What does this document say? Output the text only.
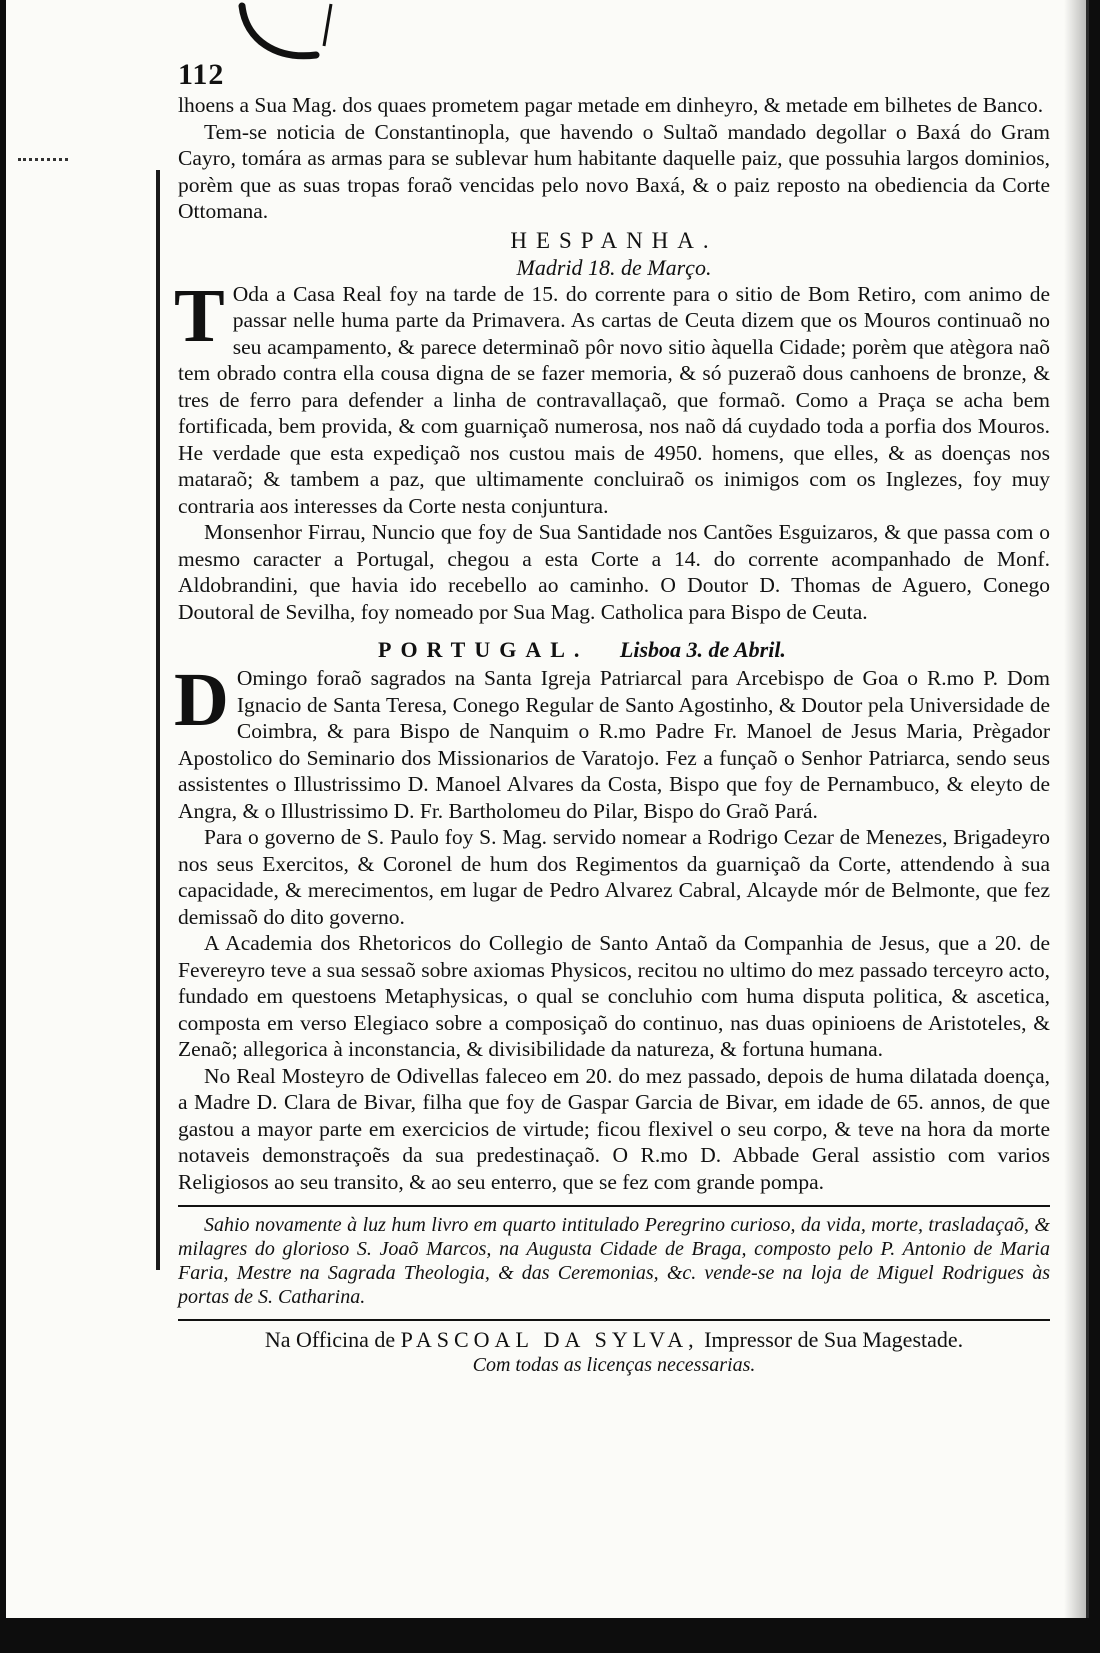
112

lhoens a Sua Mag. dos quaes prometem pagar metade em dinheyro, & metade em bilhetes de Banco.

Tem-se noticia de Constantinopla, que havendo o Sultaõ mandado degollar o Baxá do Gram Cayro, tomára as armas para se sublevar hum habitante daquelle paiz, que possuhia largos dominios, porèm que as suas tropas foraõ vencidas pelo novo Baxá, & o paiz reposto na obediencia da Corte Ottomana.

HESPANHA.
Madrid 18. de Março.

T Oda a Casa Real foy na tarde de 15. do corrente para o sitio de Bom Retiro, com animo de passar nelle huma parte da Primavera. As cartas de Ceuta dizem que os Mouros continuaõ no seu acampamento, & parece determinaõ pôr novo sitio àquella Cidade; porèm que atègora naõ tem obrado contra ella cousa digna de se fazer memoria, & só puzeraõ dous canhoens de bronze, & tres de ferro para defender a linha de contravallaçaõ, que formaõ. Como a Praça se acha bem fortificada, bem provida, & com guarniçaõ numerosa, nos naõ dá cuydado toda a porfia dos Mouros. He verdade que esta expediçaõ nos custou mais de 4950. homens, que elles, & as doenças nos mataraõ; & tambem a paz, que ultimamente concluiraõ os inimigos com os Inglezes, foy muy contraria aos interesses da Corte nesta conjuntura.

Monsenhor Firrau, Nuncio que foy de Sua Santidade nos Cantões Esguizaros, & que passa com o mesmo caracter a Portugal, chegou a esta Corte a 14. do corrente acompanhado de Monf. Aldobrandini, que havia ido recebello ao caminho. O Doutor D. Thomas de Aguero, Conego Doutoral de Sevilha, foy nomeado por Sua Mag. Catholica para Bispo de Ceuta.

PORTUGAL. Lisboa 3. de Abril.

D Omingo foraõ sagrados na Santa Igreja Patriarcal para Arcebispo de Goa o R.mo P. Dom Ignacio de Santa Teresa, Conego Regular de Santo Agostinho, & Doutor pela Universidade de Coimbra, & para Bispo de Nanquim o R.mo Padre Fr. Manoel de Jesus Maria, Prègador Apostolico do Seminario dos Missionarios de Varatojo. Fez a funçaõ o Senhor Patriarca, sendo seus assistentes o Illustrissimo D. Manoel Alvares da Costa, Bispo que foy de Pernambuco, & eleyto de Angra, & o Illustrissimo D. Fr. Bartholomeu do Pilar, Bispo do Graõ Pará.

Para o governo de S. Paulo foy S. Mag. servido nomear a Rodrigo Cezar de Menezes, Brigadeyro nos seus Exercitos, & Coronel de hum dos Regimentos da guarniçaõ da Corte, attendendo à sua capacidade, & merecimentos, em lugar de Pedro Alvarez Cabral, Alcayde mór de Belmonte, que fez demissaõ do dito governo.

A Academia dos Rhetoricos do Collegio de Santo Antaõ da Companhia de Jesus, que a 20. de Fevereyro teve a sua sessaõ sobre axiomas Physicos, recitou no ultimo do mez passado terceyro acto, fundado em questoens Metaphysicas, o qual se concluhio com huma disputa politica, & ascetica, composta em verso Elegiaco sobre a composiçaõ do continuo, nas duas opinioens de Aristoteles, & Zenaõ; allegorica à inconstancia, & divisibilidade da natureza, & fortuna humana.

No Real Mosteyro de Odivellas faleceo em 20. do mez passado, depois de huma dilatada doença, a Madre D. Clara de Bivar, filha que foy de Gaspar Garcia de Bivar, em idade de 65. annos, de que gastou a mayor parte em exercicios de virtude; ficou flexivel o seu corpo, & teve na hora da morte notaveis demonstraçoẽs da sua predestinaçaõ. O R.mo D. Abbade Geral assistio com varios Religiosos ao seu transito, & ao seu enterro, que se fez com grande pompa.

Sahio novamente à luz hum livro em quarto intitulado Peregrino curioso, da vida, morte, trasladaçaõ, & milagres do glorioso S. Joaõ Marcos, na Augusta Cidade de Braga, composto pelo P. Antonio de Maria Faria, Mestre na Sagrada Theologia, & das Ceremonias, &c. vende-se na loja de Miguel Rodrigues às portas de S. Catharina.

Na Officina de PASCOAL DA SYLVA, Impressor de Sua Magestade.
Com todas as licenças necessarias.
